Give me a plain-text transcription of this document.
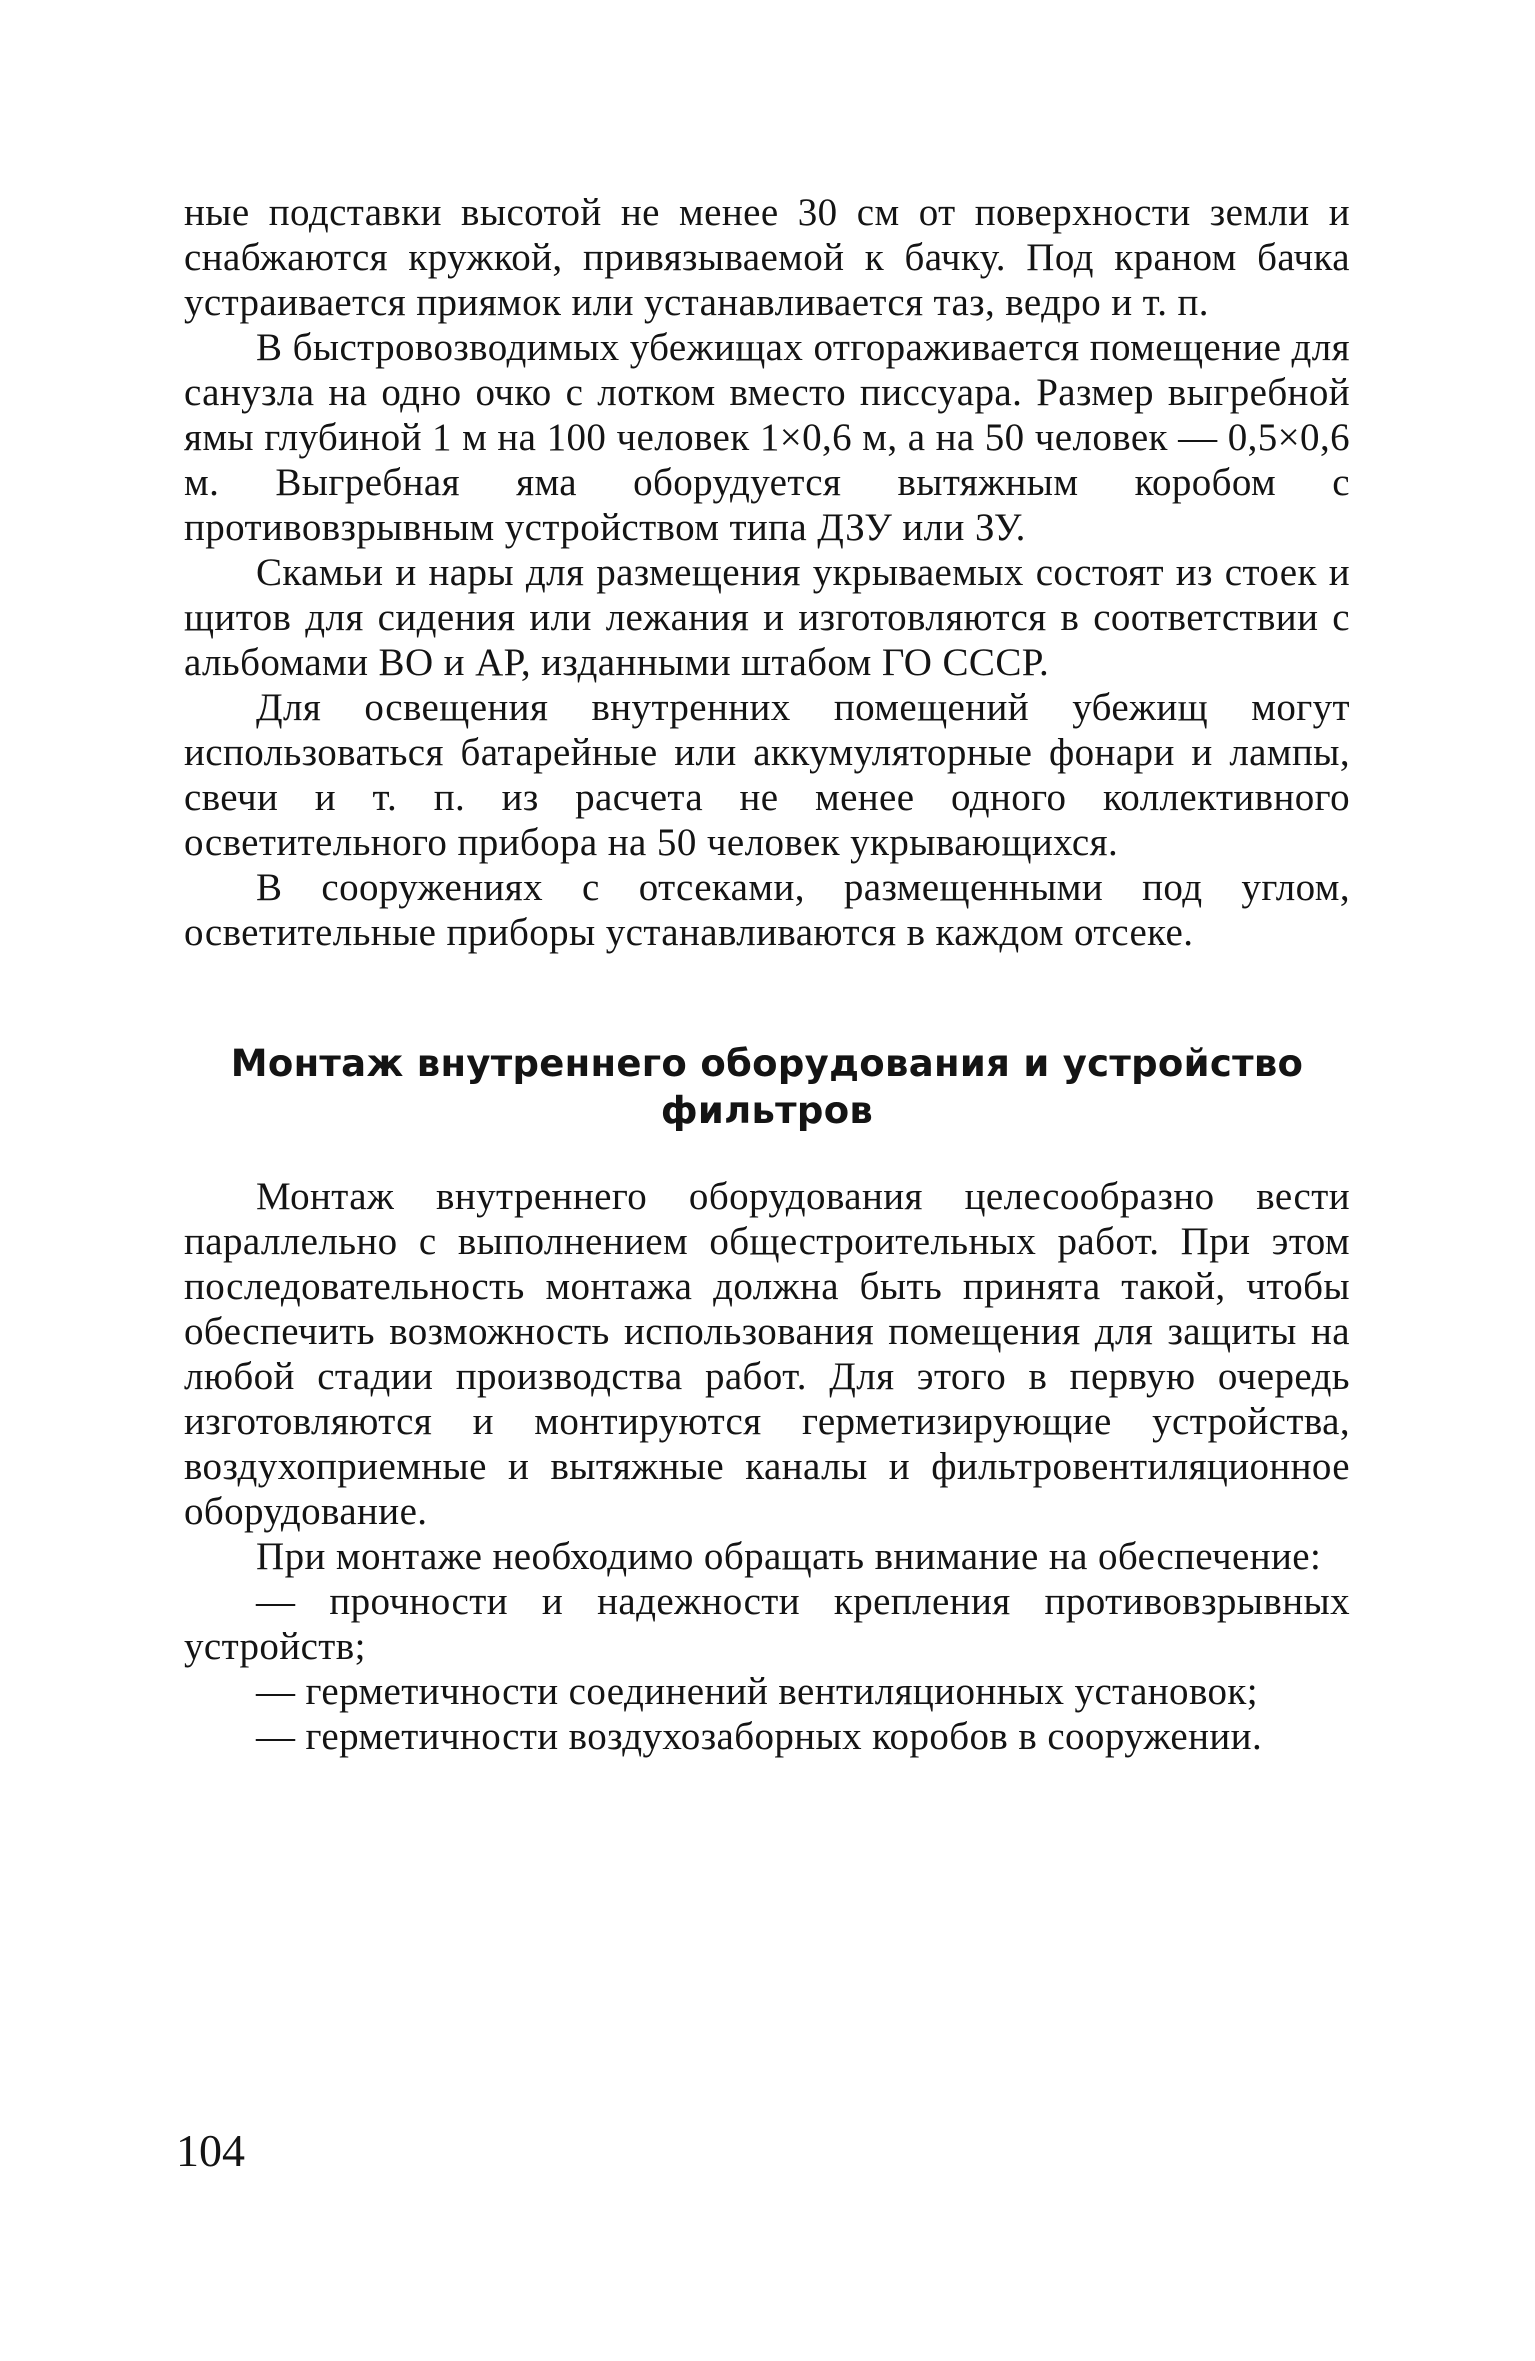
ные подставки высотой не менее 30 см от поверхности земли и снабжаются кружкой, привязываемой к бачку. Под краном бачка устраивается приямок или устанавливается таз, ведро и т. п.

В быстровозводимых убежищах отгораживается помещение для санузла на одно очко с лотком вместо писсуара. Размер выгребной ямы глубиной 1 м на 100 человек 1×0,6 м, а на 50 человек — 0,5×0,6 м. Выгребная яма оборудуется вытяжным коробом с противовзрывным устройством типа ДЗУ или ЗУ.

Скамьи и нары для размещения укрываемых состоят из стоек и щитов для сидения или лежания и изготовляются в соответствии с альбомами ВО и АР, изданными штабом ГО СССР.

Для освещения внутренних помещений убежищ могут использоваться батарейные или аккумуляторные фонари и лампы, свечи и т. п. из расчета не менее одного коллективного осветительного прибора на 50 человек укрывающихся.

В сооружениях с отсеками, размещенными под углом, осветительные приборы устанавливаются в каждом отсеке.

Монтаж внутреннего оборудования и устройство

фильтров

Монтаж внутреннего оборудования целесообразно вести параллельно с выполнением общестроительных работ. При этом последовательность монтажа должна быть принята такой, чтобы обеспечить возможность использования помещения для защиты на любой стадии производства работ. Для этого в первую очередь изготовляются и монтируются герметизирующие устройства, воздухоприемные и вытяжные каналы и фильтровентиляционное оборудование.

При монтаже необходимо обращать внимание на обеспечение:

— прочности и надежности крепления противовзрывных устройств;

— герметичности соединений вентиляционных установок;

— герметичности воздухозаборных коробов в сооружении.

104
